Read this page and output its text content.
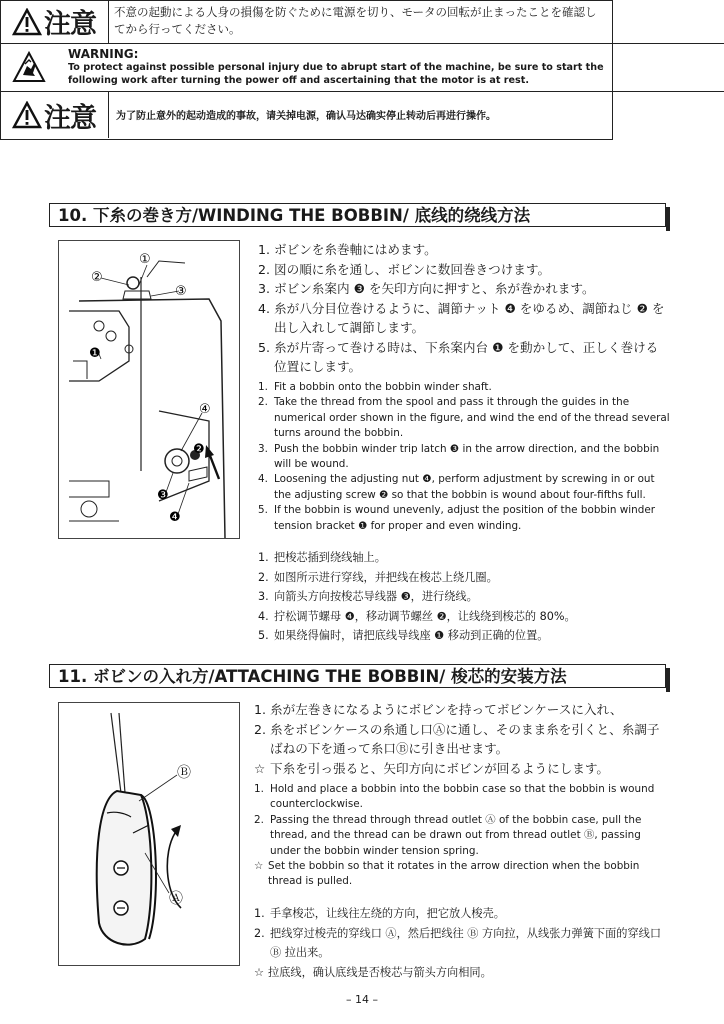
注意 不意の起動による人身の損傷を防ぐために電源を切り、モータの回転が止まったことを確認してから行ってください。
WARNING:
To protect against possible personal injury due to abrupt start of the machine, be sure to start the following work after turning the power off and ascertaining that the motor is at rest.
注意 为了防止意外的起动造成的事故，请关掉电源，确认马达确实停止转动后再进行操作。
10. 下糸の巻き方/WINDING THE BOBBIN/ 底线的绕线方法
②
①
③
❶
④
❷
❸
❹
1. ボビンを糸巻軸にはめます。
2. 図の順に糸を通し、ボビンに数回巻きつけます。
3. ボビン糸案内 ❸ を矢印方向に押すと、糸が巻かれます。
4. 糸が八分目位巻けるように、調節ナット ❹ をゆるめ、調節ねじ ❷ を出し入れして調節します。
5. 糸が片寄って巻ける時は、下糸案内台 ❶ を動かして、正しく巻ける位置にします。
1. Fit a bobbin onto the bobbin winder shaft.
2. Take the thread from the spool and pass it through the guides in the numerical order shown in the figure, and wind the end of the thread several turns around the bobbin.
3. Push the bobbin winder trip latch ❸ in the arrow direction, and the bobbin will be wound.
4. Loosening the adjusting nut ❹, perform adjustment by screwing in or out the adjusting screw ❷ so that the bobbin is wound about four-fifths full.
5. If the bobbin is wound unevenly, adjust the position of the bobbin winder tension bracket ❶ for proper and even winding.
1. 把梭芯插到绕线轴上。
2. 如图所示进行穿线，并把线在梭芯上绕几圈。
3. 向箭头方向按梭芯导线器 ❸，进行绕线。
4. 拧松调节螺母 ❹，移动调节螺丝 ❷，让线绕到梭芯的 80%。
5. 如果绕得偏时，请把底线导线座 ❶ 移动到正确的位置。
11. ボビンの入れ方/ATTACHING THE BOBBIN/ 梭芯的安装方法
Ⓑ
Ⓐ
1. 糸が左巻きになるようにボビンを持ってボビンケースに入れ、
2. 糸をボビンケースの糸通し口Ⓐに通し、そのまま糸を引くと、糸調子ばねの下を通って糸口Ⓑに引き出せます。
☆ 下糸を引っ張ると、矢印方向にボビンが回るようにします。
1. Hold and place a bobbin into the bobbin case so that the bobbin is wound counterclockwise.
2. Passing the thread through thread outlet Ⓐ of the bobbin case, pull the thread, and the thread can be drawn out from thread outlet Ⓑ, passing under the bobbin winder tension spring.
☆ Set the bobbin so that it rotates in the arrow direction when the bobbin thread is pulled.
1. 手拿梭芯，让线往左绕的方向，把它放人梭壳。
2. 把线穿过梭壳的穿线口 Ⓐ，然后把线往 Ⓑ 方向拉，从线张力弹簧下面的穿线口 Ⓑ 拉出来。
☆ 拉底线，确认底线是否梭芯与箭头方向相同。
– 14 –
